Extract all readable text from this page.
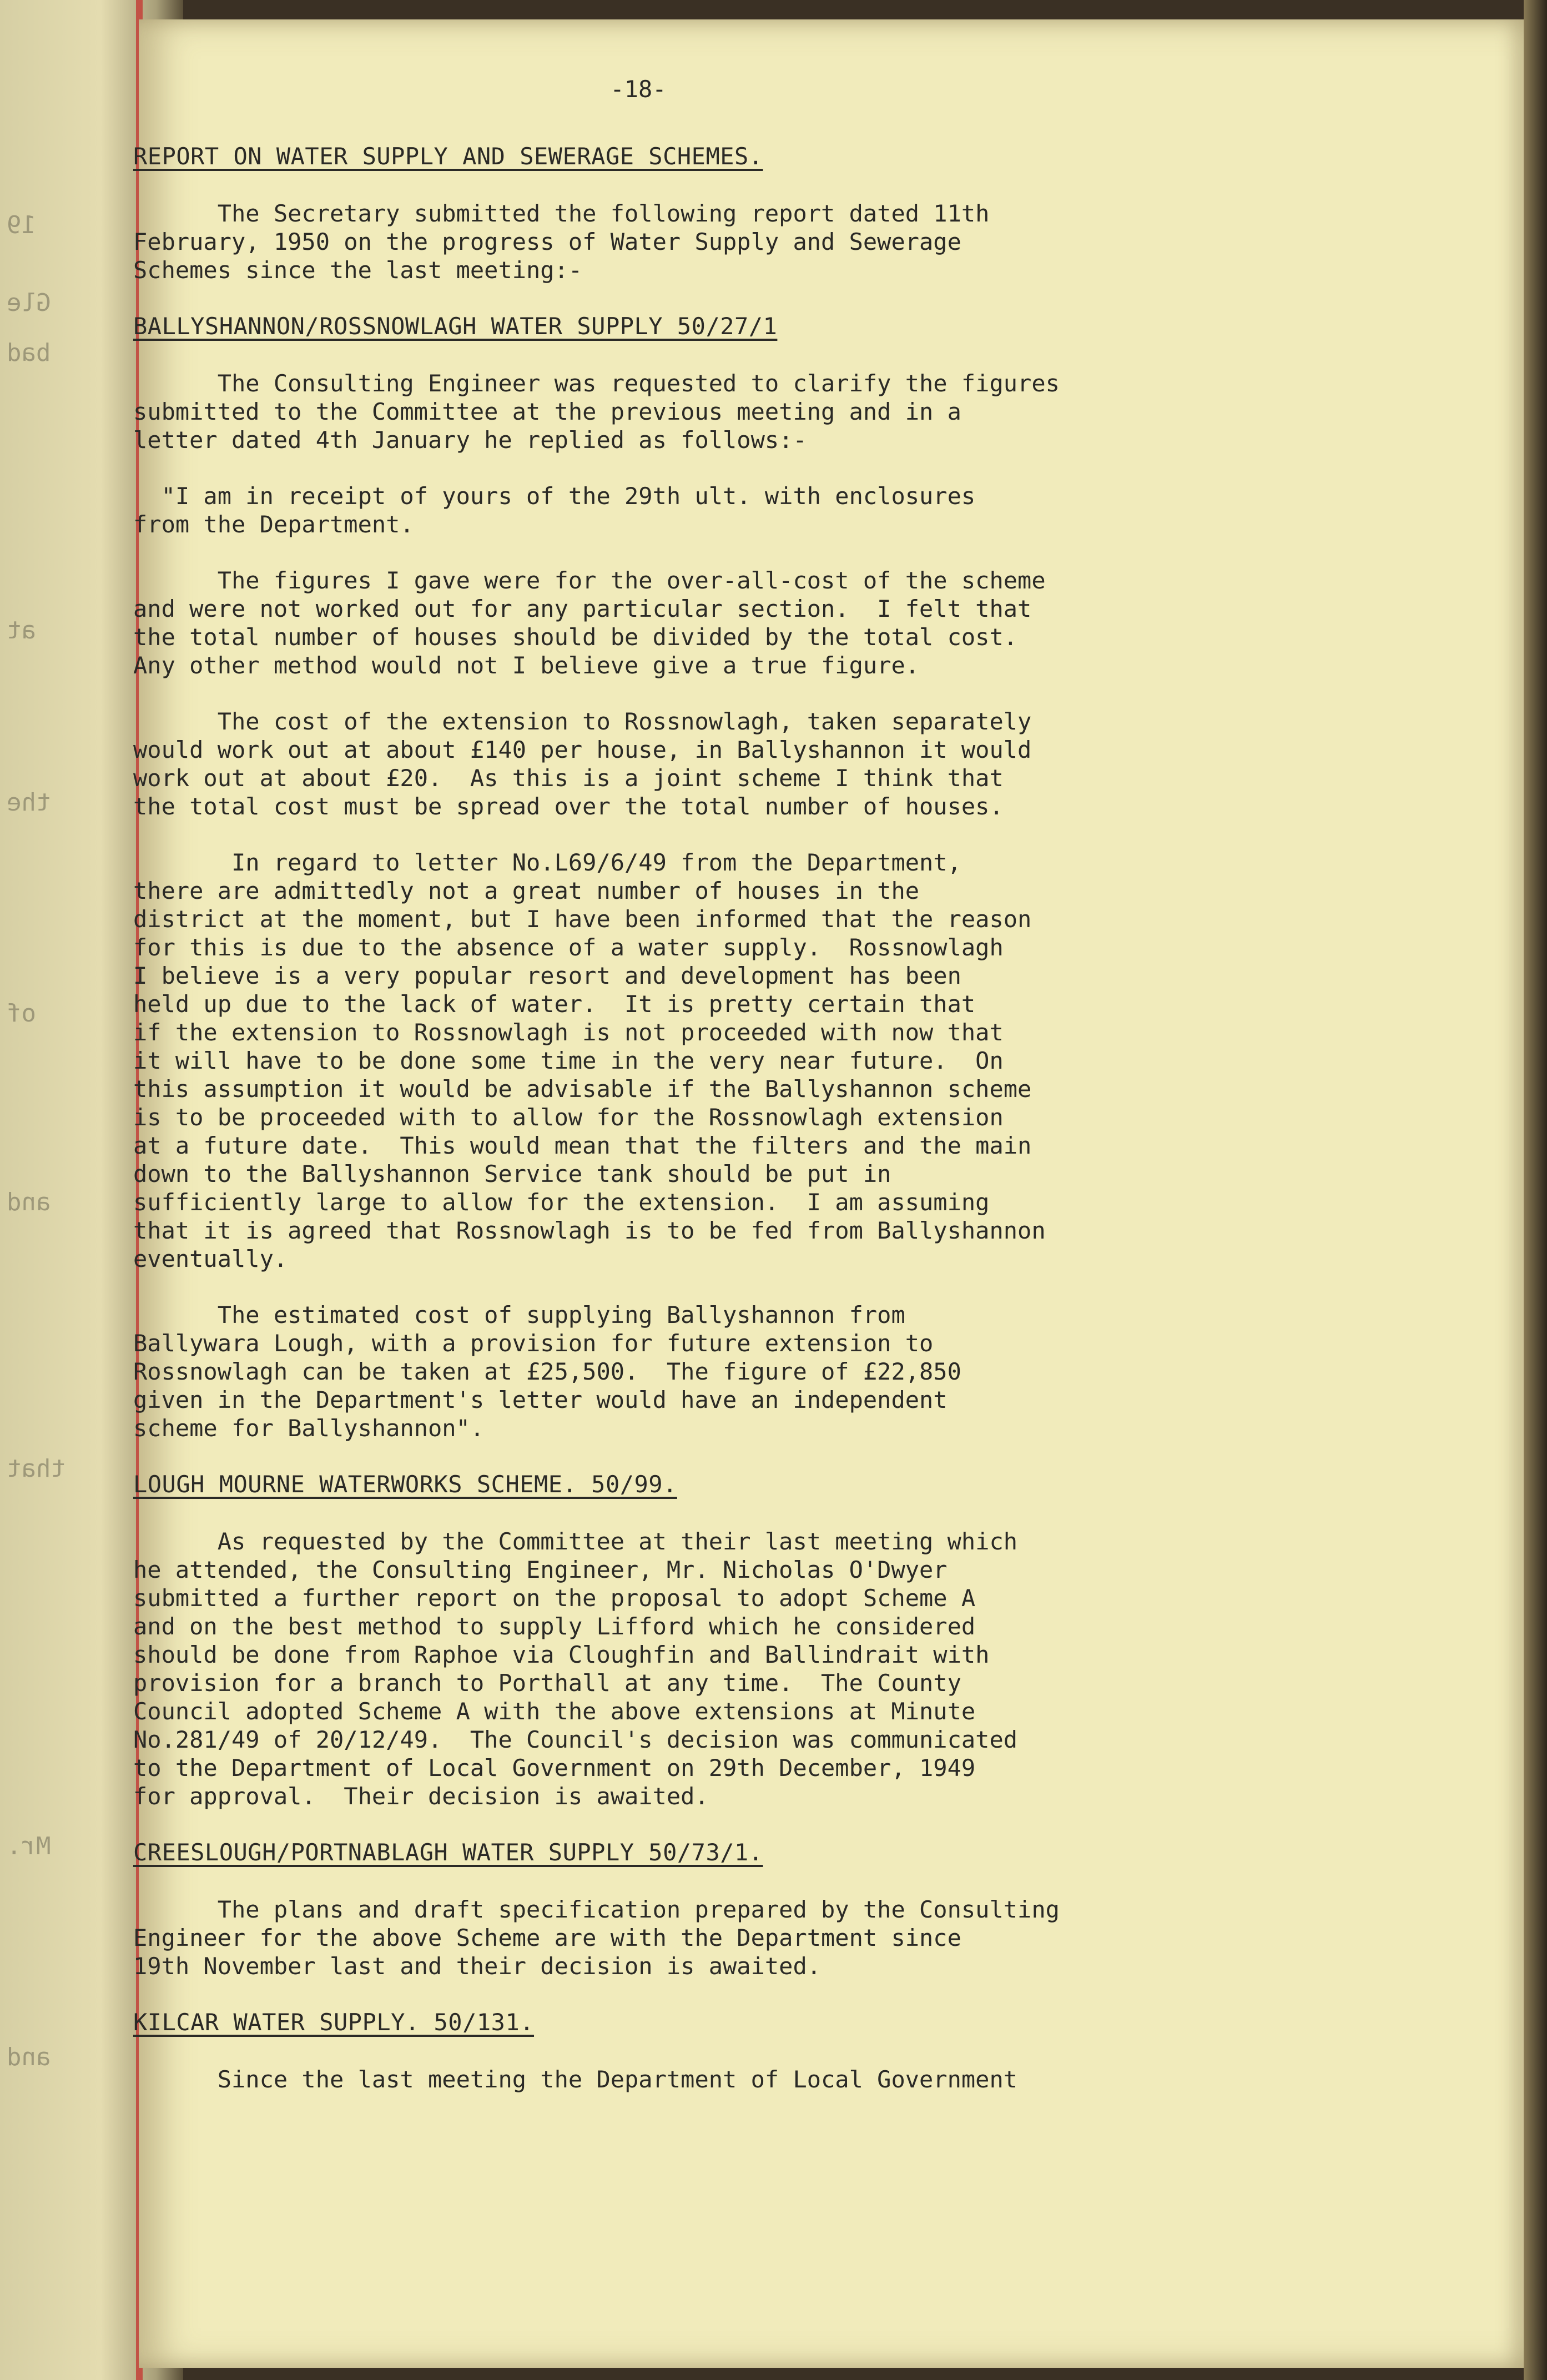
19
Gle
bad
at
the
of
and
that
Mr.
and
-18-
REPORT ON WATER SUPPLY AND SEWERAGE SCHEMES.

The Secretary submitted the following report dated 11th
February, 1950 on the progress of Water Supply and Sewerage
Schemes since the last meeting:-

BALLYSHANNON/ROSSNOWLAGH WATER SUPPLY 50/27/1

The Consulting Engineer was requested to clarify the figures
submitted to the Committee at the previous meeting and in a
letter dated 4th January he replied as follows:-

"I am in receipt of yours of the 29th ult. with enclosures
from the Department.

The figures I gave were for the over-all-cost of the scheme
and were not worked out for any particular section.  I felt that
the total number of houses should be divided by the total cost.
Any other method would not I believe give a true figure.

The cost of the extension to Rossnowlagh, taken separately
would work out at about £140 per house, in Ballyshannon it would
work out at about £20.  As this is a joint scheme I think that
the total cost must be spread over the total number of houses.

In regard to letter No.L69/6/49 from the Department,
there are admittedly not a great number of houses in the
district at the moment, but I have been informed that the reason
for this is due to the absence of a water supply.  Rossnowlagh
I believe is a very popular resort and development has been
held up due to the lack of water.  It is pretty certain that
if the extension to Rossnowlagh is not proceeded with now that
it will have to be done some time in the very near future.  On
this assumption it would be advisable if the Ballyshannon scheme
is to be proceeded with to allow for the Rossnowlagh extension
at a future date.  This would mean that the filters and the main
down to the Ballyshannon Service tank should be put in
sufficiently large to allow for the extension.  I am assuming
that it is agreed that Rossnowlagh is to be fed from Ballyshannon
eventually.

The estimated cost of supplying Ballyshannon from
Ballywara Lough, with a provision for future extension to
Rossnowlagh can be taken at £25,500.  The figure of £22,850
given in the Department's letter would have an independent
scheme for Ballyshannon".

LOUGH MOURNE WATERWORKS SCHEME. 50/99.

As requested by the Committee at their last meeting which
he attended, the Consulting Engineer, Mr. Nicholas O'Dwyer
submitted a further report on the proposal to adopt Scheme A
and on the best method to supply Lifford which he considered
should be done from Raphoe via Cloughfin and Ballindrait with
provision for a branch to Porthall at any time.  The County
Council adopted Scheme A with the above extensions at Minute
No.281/49 of 20/12/49.  The Council's decision was communicated
to the Department of Local Government on 29th December, 1949
for approval.  Their decision is awaited.

CREESLOUGH/PORTNABLAGH WATER SUPPLY 50/73/1.

The plans and draft specification prepared by the Consulting
Engineer for the above Scheme are with the Department since
19th November last and their decision is awaited.

KILCAR WATER SUPPLY. 50/131.

Since the last meeting the Department of Local Government
